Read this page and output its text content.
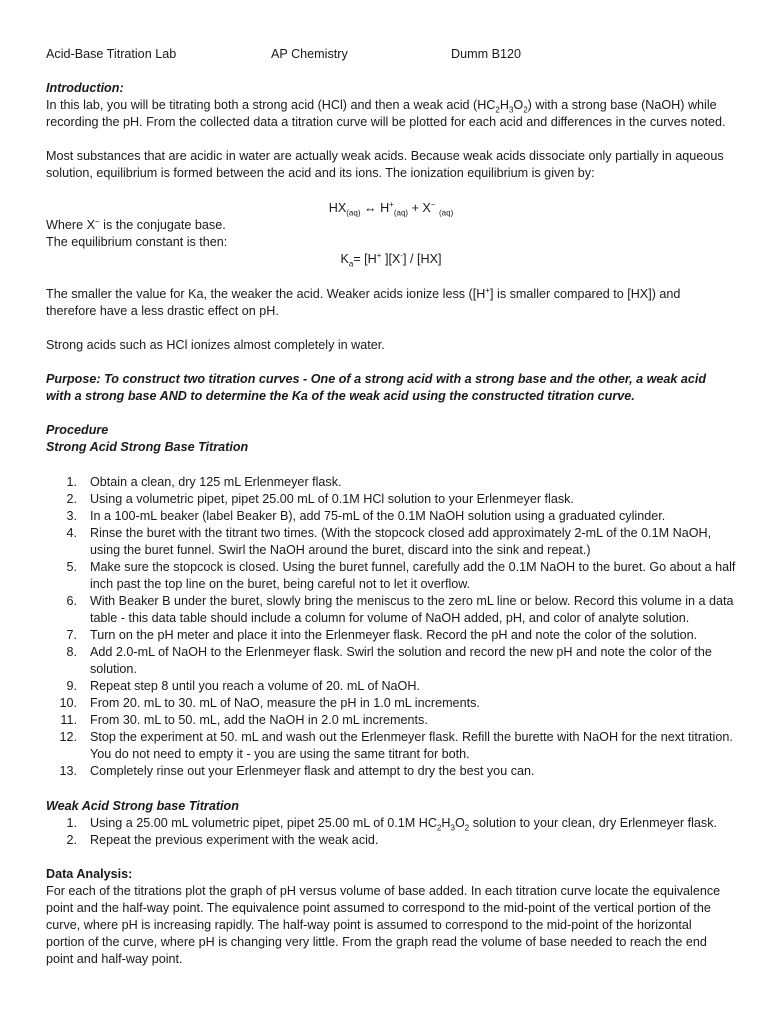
Acid-Base Titration Lab	AP Chemistry	Dumm B120
Introduction:
In this lab, you will be titrating both a strong acid (HCl) and then a weak acid $(HC_2H_3O_2)$ with a strong base (NaOH) while
recording the pH. From the collected data a titration curve will be plotted for each acid and differences in the curves noted.
Most substances that are acidic in water are actually weak acids. Because weak acids dissociate only partially in aqueous
solution, equilibrium is formed between the acid and its ions. The ionization equilibrium is given by:
$HX_{(aq)}$ ↔ $H^+_{(aq)} + X^-$ $_{(aq)}$
Where X− is the conjugate base.
The equilibrium constant is then:
$K_a= [H^+$ ][X-] / [HX]
The smaller the value for Ka, the weaker the acid. Weaker acids ionize less ([H+] is smaller compared to [HX]) and
therefore have a less drastic effect on pH.
Strong acids such as HCl ionizes almost completely in water.
Purpose: To construct two titration curves - One of a strong acid with a strong base and the other, a weak acid
with a strong base AND to determine the Ka of the weak acid using the constructed titration curve.
Procedure
Strong Acid Strong Base Titration
1. Obtain a clean, dry 125 mL Erlenmeyer flask.
2. Using a volumetric pipet, pipet 25.00 mL of 0.1M HCl solution to your Erlenmeyer flask.
3. In a 100-mL beaker (label Beaker B), add 75-mL of the 0.1M NaOH solution using a graduated cylinder.
4. Rinse the buret with the titrant two times. (With the stopcock closed add approximately 2-mL of the 0.1M NaOH, using the buret funnel. Swirl the NaOH around the buret, discard into the sink and repeat.)
5. Make sure the stopcock is closed. Using the buret funnel, carefully add the 0.1M NaOH to the buret. Go about a half inch past the top line on the buret, being careful not to let it overflow.
6. With Beaker B under the buret, slowly bring the meniscus to the zero mL line or below. Record this volume in a data table - this data table should include a column for volume of NaOH added, pH, and color of analyte solution.
7. Turn on the pH meter and place it into the Erlenmeyer flask. Record the pH and note the color of the solution.
8. Add 2.0-mL of NaOH to the Erlenmeyer flask. Swirl the solution and record the new pH and note the color of the solution.
9. Repeat step 8 until you reach a volume of 20. mL of NaOH.
10. From 20. mL to 30. mL of NaO, measure the pH in 1.0 mL increments.
11. From 30. mL to 50. mL, add the NaOH in 2.0 mL increments.
12. Stop the experiment at 50. mL and wash out the Erlenmeyer flask. Refill the burette with NaOH for the next titration. You do not need to empty it - you are using the same titrant for both.
13. Completely rinse out your Erlenmeyer flask and attempt to dry the best you can.
Weak Acid Strong base Titration
1. Using a 25.00 mL volumetric pipet, pipet 25.00 mL of 0.1M $HC_2H_3O_2$ solution to your clean, dry Erlenmeyer flask.
2. Repeat the previous experiment with the weak acid.
Data Analysis:
For each of the titrations plot the graph of pH versus volume of base added. In each titration curve locate the equivalence
point and the half-way point. The equivalence point assumed to correspond to the mid-point of the vertical portion of the
curve, where pH is increasing rapidly. The half-way point is assumed to correspond to the mid-point of the horizontal
portion of the curve, where pH is changing very little. From the graph read the volume of base needed to reach the end
point and half-way point.
